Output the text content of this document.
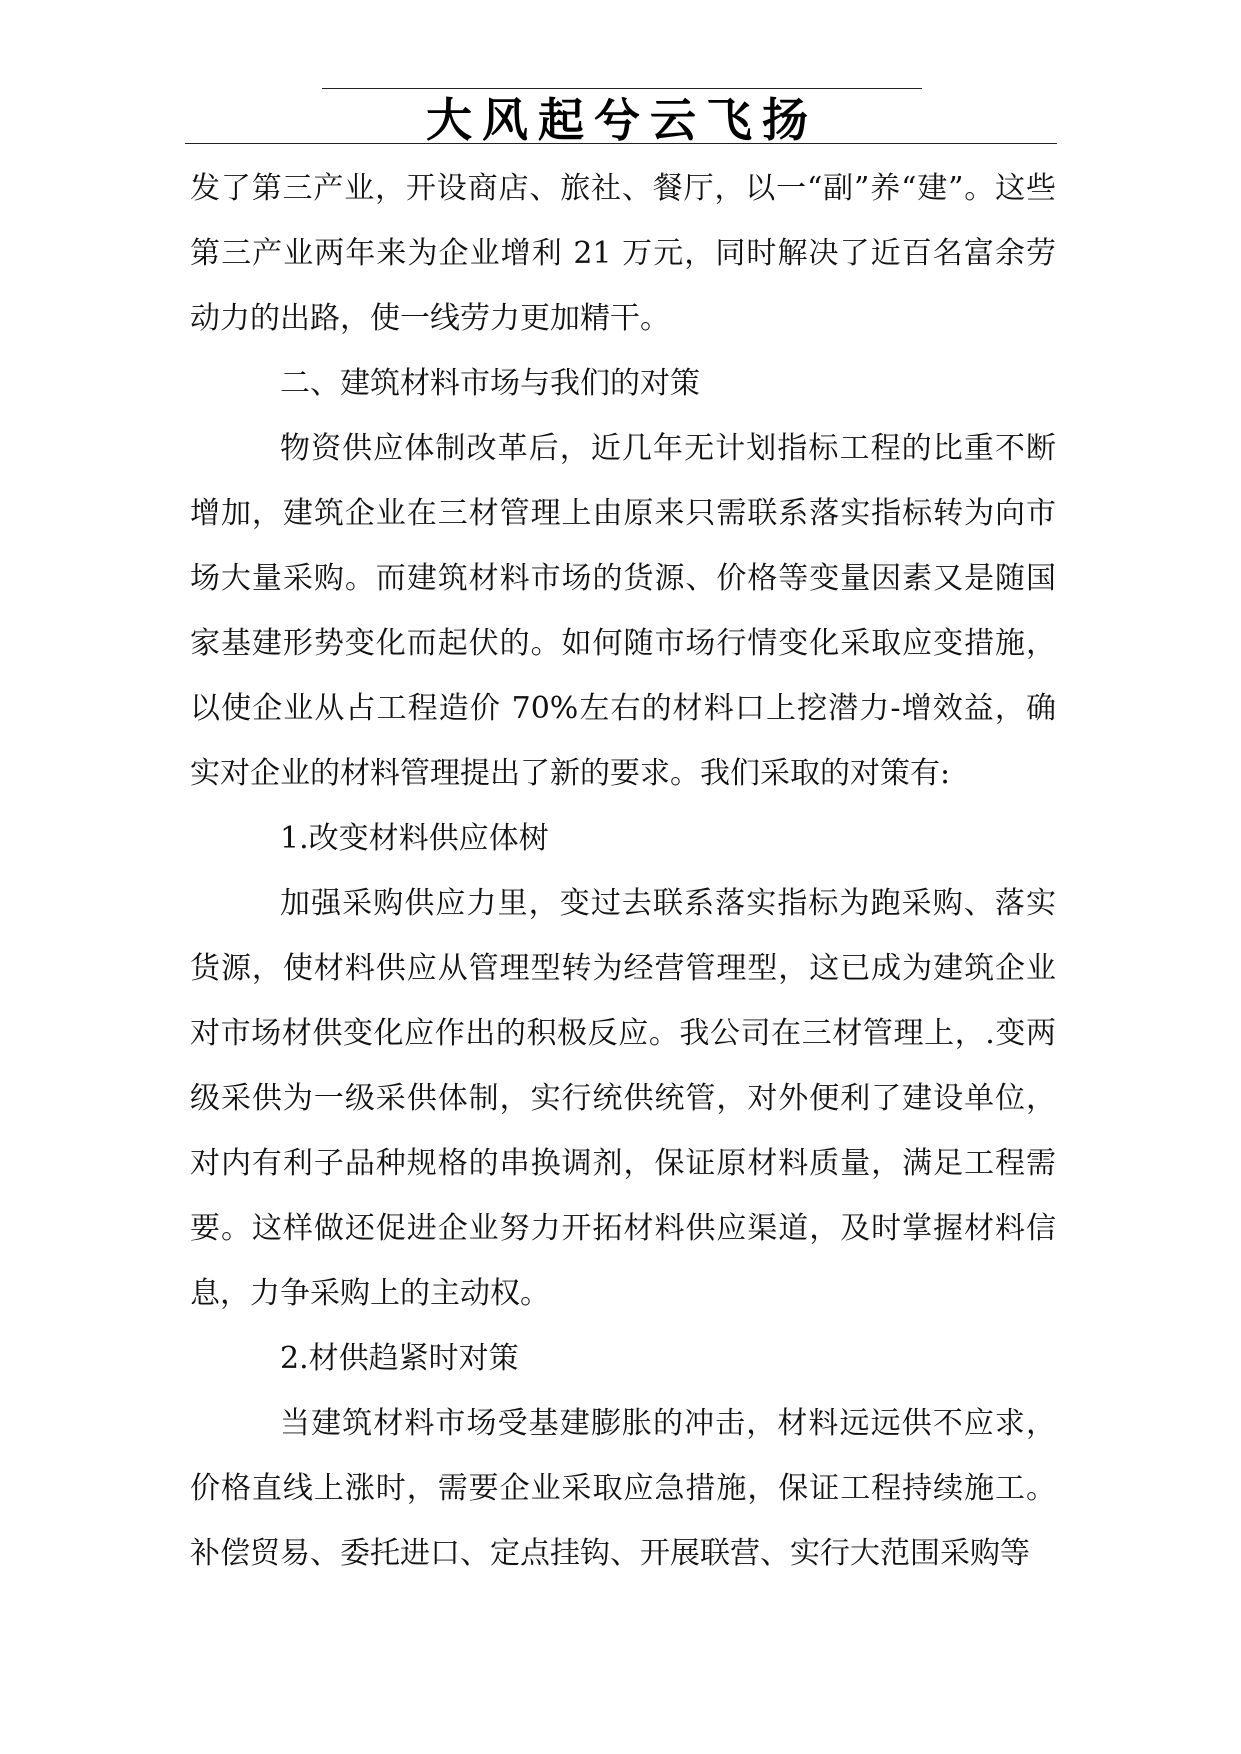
大风起兮云飞扬

发了第三产业，开设商店、旅社、餐厅，以一“副”养“建”。这些第三产业两年来为企业增利 21 万元，同时解决了近百名富余劳动力的出路，使一线劳力更加精干。

二、建筑材料市场与我们的对策

物资供应体制改革后，近几年无计划指标工程的比重不断增加，建筑企业在三材管理上由原来只需联系落实指标转为向市场大量采购。而建筑材料市场的货源、价格等变量因素又是随国家基建形势变化而起伏的。如何随市场行情变化采取应变措施，以使企业从占工程造价 70%左右的材料口上挖潜力-增效益，确实对企业的材料管理提出了新的要求。我们采取的对策有:

1.改变材料供应体树

加强采购供应力里，变过去联系落实指标为跑采购、落实货源，使材料供应从管理型转为经营管理型，这已成为建筑企业对市场材供变化应作出的积极反应。我公司在三材管理上，.变两级采供为一级采供体制，实行统供统管，对外便利了建设单位，对内有利子品种规格的串换调剂，保证原材料质量，满足工程需要。这样做还促进企业努力开拓材料供应渠道，及时掌握材料信息，力争采购上的主动权。

2.材供趋紧时对策

当建筑材料市场受基建膨胀的冲击，材料远远供不应求，价格直线上涨时，需要企业采取应急措施，保证工程持续施工。补偿贸易、委托进口、定点挂钩、开展联营、实行大范围采购等
